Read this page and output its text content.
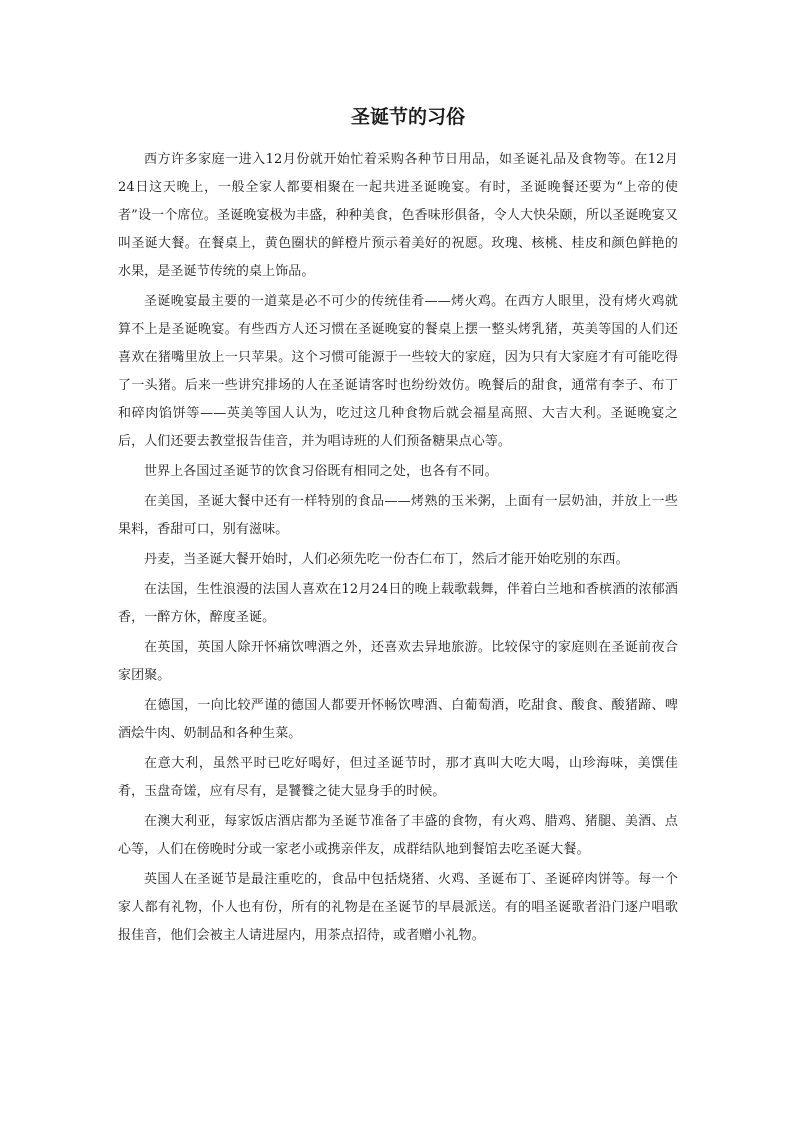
圣诞节的习俗

西方许多家庭一进入12月份就开始忙着采购各种节日用品，如圣诞礼品及食物等。在12月24日这天晚上，一般全家人都要相聚在一起共进圣诞晚宴。有时，圣诞晚餐还要为“上帝的使者”设一个席位。圣诞晚宴极为丰盛，种种美食，色香味形俱备，令人大快朵颐，所以圣诞晚宴又叫圣诞大餐。在餐桌上，黄色圈状的鲜橙片预示着美好的祝愿。玫瑰、核桃、桂皮和颜色鲜艳的水果，是圣诞节传统的桌上饰品。

圣诞晚宴最主要的一道菜是必不可少的传统佳肴——烤火鸡。在西方人眼里，没有烤火鸡就算不上是圣诞晚宴。有些西方人还习惯在圣诞晚宴的餐桌上摆一整头烤乳猪，英美等国的人们还喜欢在猪嘴里放上一只苹果。这个习惯可能源于一些较大的家庭，因为只有大家庭才有可能吃得了一头猪。后来一些讲究排场的人在圣诞请客时也纷纷效仿。晚餐后的甜食，通常有李子、布丁和碎肉馅饼等——英美等国人认为，吃过这几种食物后就会福星高照、大吉大利。圣诞晚宴之后，人们还要去教堂报告佳音，并为唱诗班的人们预备糖果点心等。

世界上各国过圣诞节的饮食习俗既有相同之处，也各有不同。

在美国，圣诞大餐中还有一样特别的食品——烤熟的玉米粥，上面有一层奶油，并放上一些果料，香甜可口，别有滋味。

丹麦，当圣诞大餐开始时，人们必须先吃一份杏仁布丁，然后才能开始吃别的东西。

在法国，生性浪漫的法国人喜欢在12月24日的晚上载歌载舞，伴着白兰地和香槟酒的浓郁酒香，一醉方休，醉度圣诞。

在英国，英国人除开怀痛饮啤酒之外，还喜欢去异地旅游。比较保守的家庭则在圣诞前夜合家团聚。

在德国，一向比较严谨的德国人都要开怀畅饮啤酒、白葡萄酒，吃甜食、酸食、酸猪蹄、啤酒烩牛肉、奶制品和各种生菜。

在意大利，虽然平时已吃好喝好，但过圣诞节时，那才真叫大吃大喝，山珍海味，美馔佳肴，玉盘奇馐，应有尽有，是饕餮之徒大显身手的时候。

在澳大利亚，每家饭店酒店都为圣诞节准备了丰盛的食物，有火鸡、腊鸡、猪腿、美酒、点心等，人们在傍晚时分或一家老小或携亲伴友，成群结队地到餐馆去吃圣诞大餐。

英国人在圣诞节是最注重吃的，食品中包括烧猪、火鸡、圣诞布丁、圣诞碎肉饼等。每一个家人都有礼物，仆人也有份，所有的礼物是在圣诞节的早晨派送。有的唱圣诞歌者沿门逐户唱歌报佳音，他们会被主人请进屋内，用茶点招待，或者赠小礼物。
